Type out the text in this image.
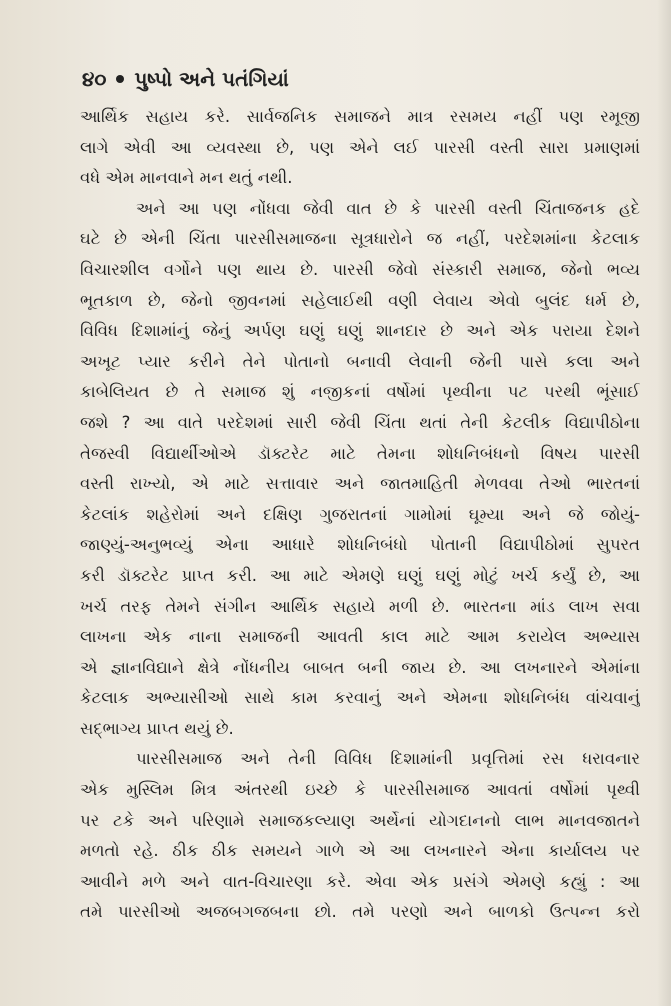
૪૦ પુષ્પો અને પતંગિયાં
આર્થિક સહાય કરે. સાર્વજનિક સમાજને માત્ર રસમય નહીં પણ રમૂજી
લાગે એવી આ વ્યવસ્થા છે, પણ એને લઈ પારસી વસ્તી સારા પ્રમાણમાં
વધે એમ માનવાને મન થતું નથી.
અને આ પણ નોંધવા જેવી વાત છે કે પારસી વસ્તી ચિંતાજનક હદે
ઘટે છે એની ચિંતા પારસીસમાજના સૂત્રધારોને જ નહીં, પરદેશમાંના કેટલાક
વિચારશીલ વર્ગોને પણ થાય છે. પારસી જેવો સંસ્કારી સમાજ, જેનો ભવ્ય
ભૂતકાળ છે, જેનો જીવનમાં સહેલાઈથી વણી લેવાય એવો બુલંદ ધર્મ છે,
વિવિધ દિશામાંનું જેનું અર્પણ ઘણું ઘણું શાનદાર છે અને એક પરાયા દેશને
અખૂટ પ્યાર કરીને તેને પોતાનો બનાવી લેવાની જેની પાસે કલા અને
કાબેલિયત છે તે સમાજ શું નજીકનાં વર્ષોમાં પૃથ્વીના પટ પરથી ભૂંસાઈ
જશે ? આ વાતે પરદેશમાં સારી જેવી ચિંતા થતાં તેની કેટલીક વિદ્યાપીઠોના
તેજસ્વી વિદ્યાર્થીઓએ ડૉક્ટરેટ માટે તેમના શોધનિબંધનો વિષય પારસી
વસ્તી રાખ્યો, એ માટે સત્તાવાર અને જાતમાહિતી મેળવવા તેઓ ભારતનાં
કેટલાંક શહેરોમાં અને દક્ષિણ ગુજરાતનાં ગામોમાં ઘૂમ્યા અને જે જોયું-
જાણ્યું-અનુભવ્યું એના આધારે શોધનિબંધો પોતાની વિદ્યાપીઠોમાં સુપરત
કરી ડૉક્ટરેટ પ્રાપ્ત કરી. આ માટે એમણે ઘણું ઘણું મોટું ખર્ચ કર્યું છે, આ
ખર્ચ તરફ તેમને સંગીન આર્થિક સહાયે મળી છે. ભારતના માંડ લાખ સવા
લાખના એક નાના સમાજની આવતી કાલ માટે આમ કરાયેલ અભ્યાસ
એ જ્ઞાનવિદ્યાને ક્ષેત્રે નોંધનીય બાબત બની જાય છે. આ લખનારને એમાંના
કેટલાક અભ્યાસીઓ સાથે કામ કરવાનું અને એમના શોધનિબંધ વાંચવાનું
સદ્‌ભાગ્ય પ્રાપ્ત થયું છે.
પારસીસમાજ અને તેની વિવિધ દિશામાંની પ્રવૃત્તિમાં રસ ધરાવનાર
એક મુસ્લિમ મિત્ર અંતરથી ઇચ્છે કે પારસીસમાજ આવતાં વર્ષોમાં પૃથ્વી
પર ટકે અને પરિણામે સમાજકલ્યાણ અર્થેનાં યોગદાનનો લાભ માનવજાતને
મળતો રહે. ઠીક ઠીક સમયને ગાળે એ આ લખનારને એના કાર્યાલય પર
આવીને મળે અને વાત-વિચારણા કરે. એવા એક પ્રસંગે એમણે કહ્યું : આ
તમે પારસીઓ અજબગજબના છો. તમે પરણો અને બાળકો ઉત્પન્ન કરો
